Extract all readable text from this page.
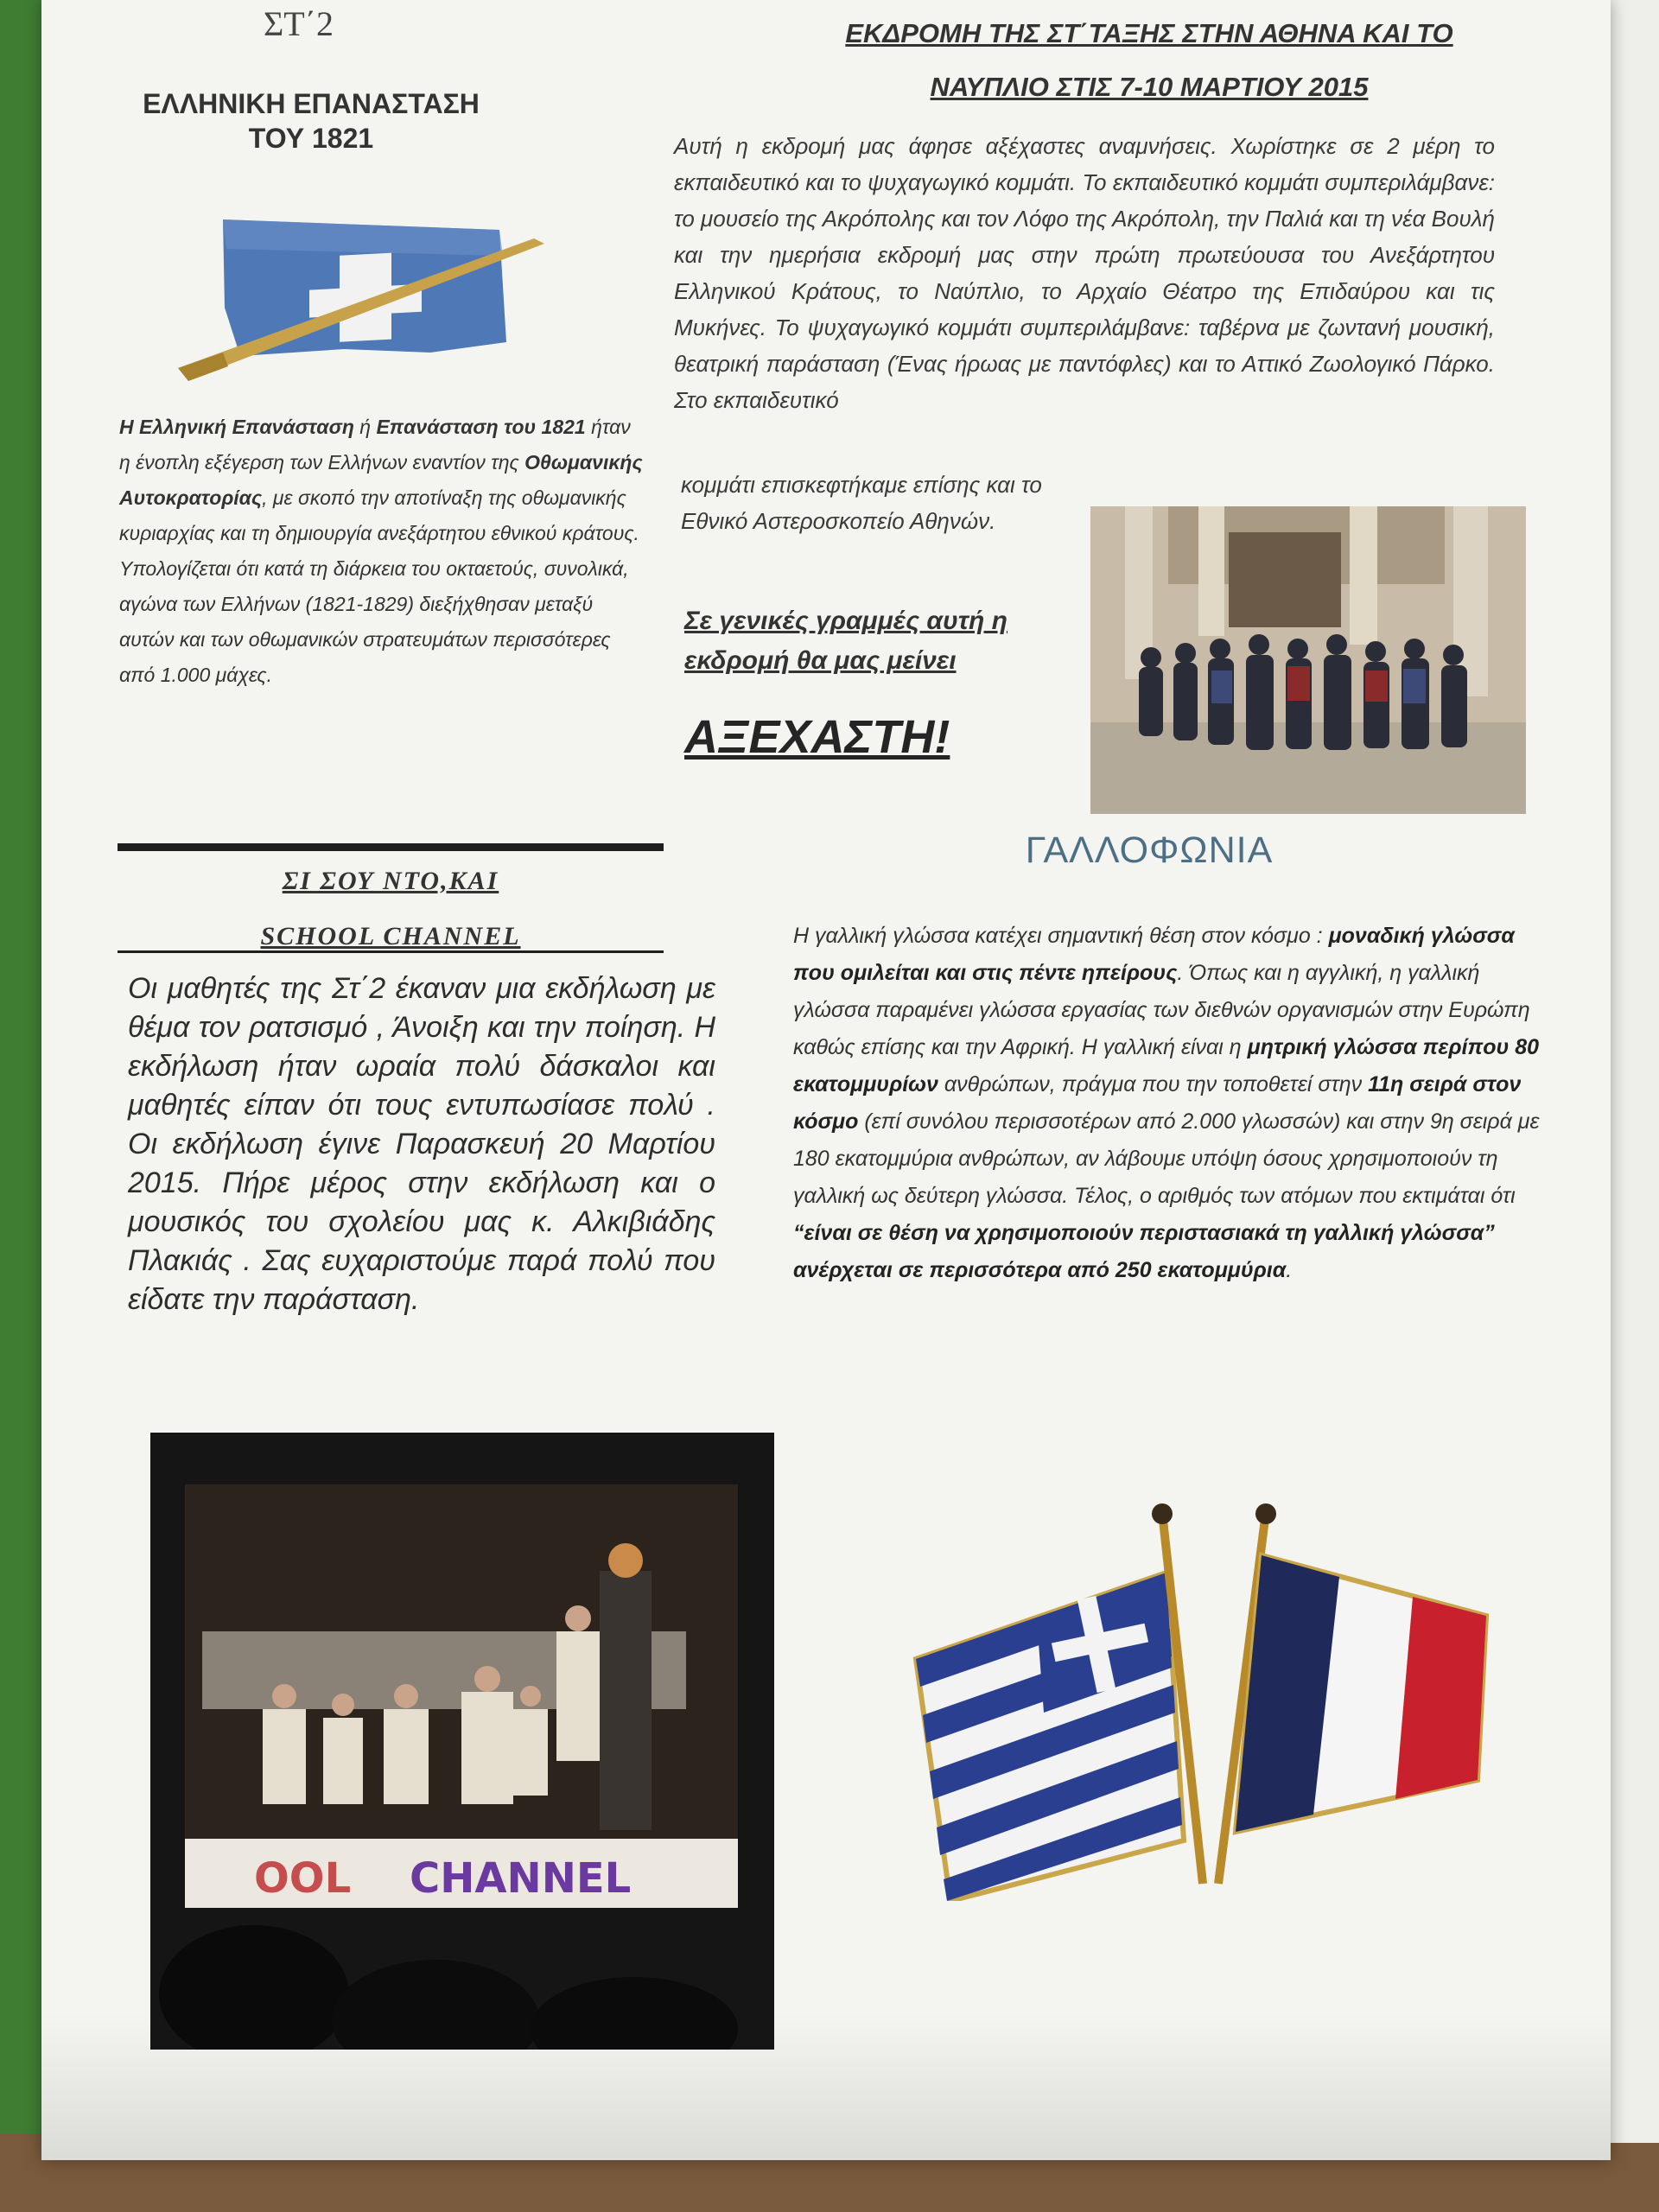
ΣΤ΄2
ΕΛΛΗΝΙΚΗ ΕΠΑΝΑΣΤΑΣΗ ΤΟΥ 1821
Η Ελληνική Επανάσταση ή Επανάσταση του 1821 ήταν η ένοπλη εξέγερση των Ελλήνων εναντίον της Οθωμανικής Αυτοκρατορίας, με σκοπό την αποτίναξη της οθωμανικής κυριαρχίας και τη δημιουργία ανεξάρτητου εθνικού κράτους. Υπολογίζεται ότι κατά τη διάρκεια του οκταετούς, συνολικά, αγώνα των Ελλήνων (1821-1829) διεξήχθησαν μεταξύ αυτών και των οθωμανικών στρατευμάτων περισσότερες από 1.000 μάχες.
ΕΚΔΡΟΜΗ ΤΗΣ ΣΤ΄ΤΑΞΗΣ ΣΤΗΝ ΑΘΗΝΑ ΚΑΙ ΤΟ
ΝΑΥΠΛΙΟ ΣΤΙΣ 7-10 ΜΑΡΤΙΟΥ 2015
Αυτή η εκδρομή μας άφησε αξέχαστες αναμνήσεις. Χωρίστηκε σε 2 μέρη το εκπαιδευτικό και το ψυχαγωγικό κομμάτι. Το εκπαιδευτικό κομμάτι συμπεριλάμβανε: το μουσείο της Ακρόπολης και τον Λόφο της Ακρόπολη, την Παλιά και τη νέα Βουλή και την ημερήσια εκδρομή μας στην πρώτη πρωτεύουσα του Ανεξάρτητου Ελληνικού Κράτους, το Ναύπλιο, το Αρχαίο Θέατρο της Επιδαύρου και τις Μυκήνες. Το ψυχαγωγικό κομμάτι συμπεριλάμβανε: ταβέρνα με ζωντανή μουσική, θεατρική παράσταση (Ένας ήρωας με παντόφλες) και το Αττικό Ζωολογικό Πάρκο. Στο εκπαιδευτικό
κομμάτι επισκεφτήκαμε επίσης και το Εθνικό Αστεροσκοπείο Αθηνών.
Σε γενικές γραμμές αυτή η εκδρομή θα μας μείνει
ΑΞΕΧΑΣΤΗ!
ΣΙ ΣΟΥ ΝΤΟ,ΚΑΙ
SCHOOL CHANNEL
Οι μαθητές της Στ΄2 έκαναν μια εκδήλωση με θέμα τον ρατσισμό , Άνοιξη και την ποίηση. Η εκδήλωση ήταν ωραία πολύ δάσκαλοι και μαθητές είπαν ότι τους εντυπωσίασε πολύ . Οι εκδήλωση έγινε Παρασκευή 20 Μαρτίου 2015. Πήρε μέρος στην εκδήλωση και ο μουσικός του σχολείου μας κ. Αλκιβιάδης Πλακιάς . Σας ευχαριστούμε παρά πολύ που είδατε την παράσταση.
OOL CHANNEL
ΓΑΛΛΟΦΩΝΙΑ
Η γαλλική γλώσσα κατέχει σημαντική θέση στον κόσμο : μοναδική γλώσσα που ομιλείται και στις πέντε ηπείρους. Όπως και η αγγλική, η γαλλική γλώσσα παραμένει γλώσσα εργασίας των διεθνών οργανισμών στην Ευρώπη καθώς επίσης και την Αφρική. Η γαλλική είναι η μητρική γλώσσα περίπου 80 εκατομμυρίων ανθρώπων, πράγμα που την τοποθετεί στην 11η σειρά στον κόσμο (επί συνόλου περισσοτέρων από 2.000 γλωσσών) και στην 9η σειρά με 180 εκατομμύρια ανθρώπων, αν λάβουμε υπόψη όσους χρησιμοποιούν τη γαλλική ως δεύτερη γλώσσα. Τέλος, ο αριθμός των ατόμων που εκτιμάται ότι “είναι σε θέση να χρησιμοποιούν περιστασιακά τη γαλλική γλώσσα” ανέρχεται σε περισσότερα από 250 εκατομμύρια.
